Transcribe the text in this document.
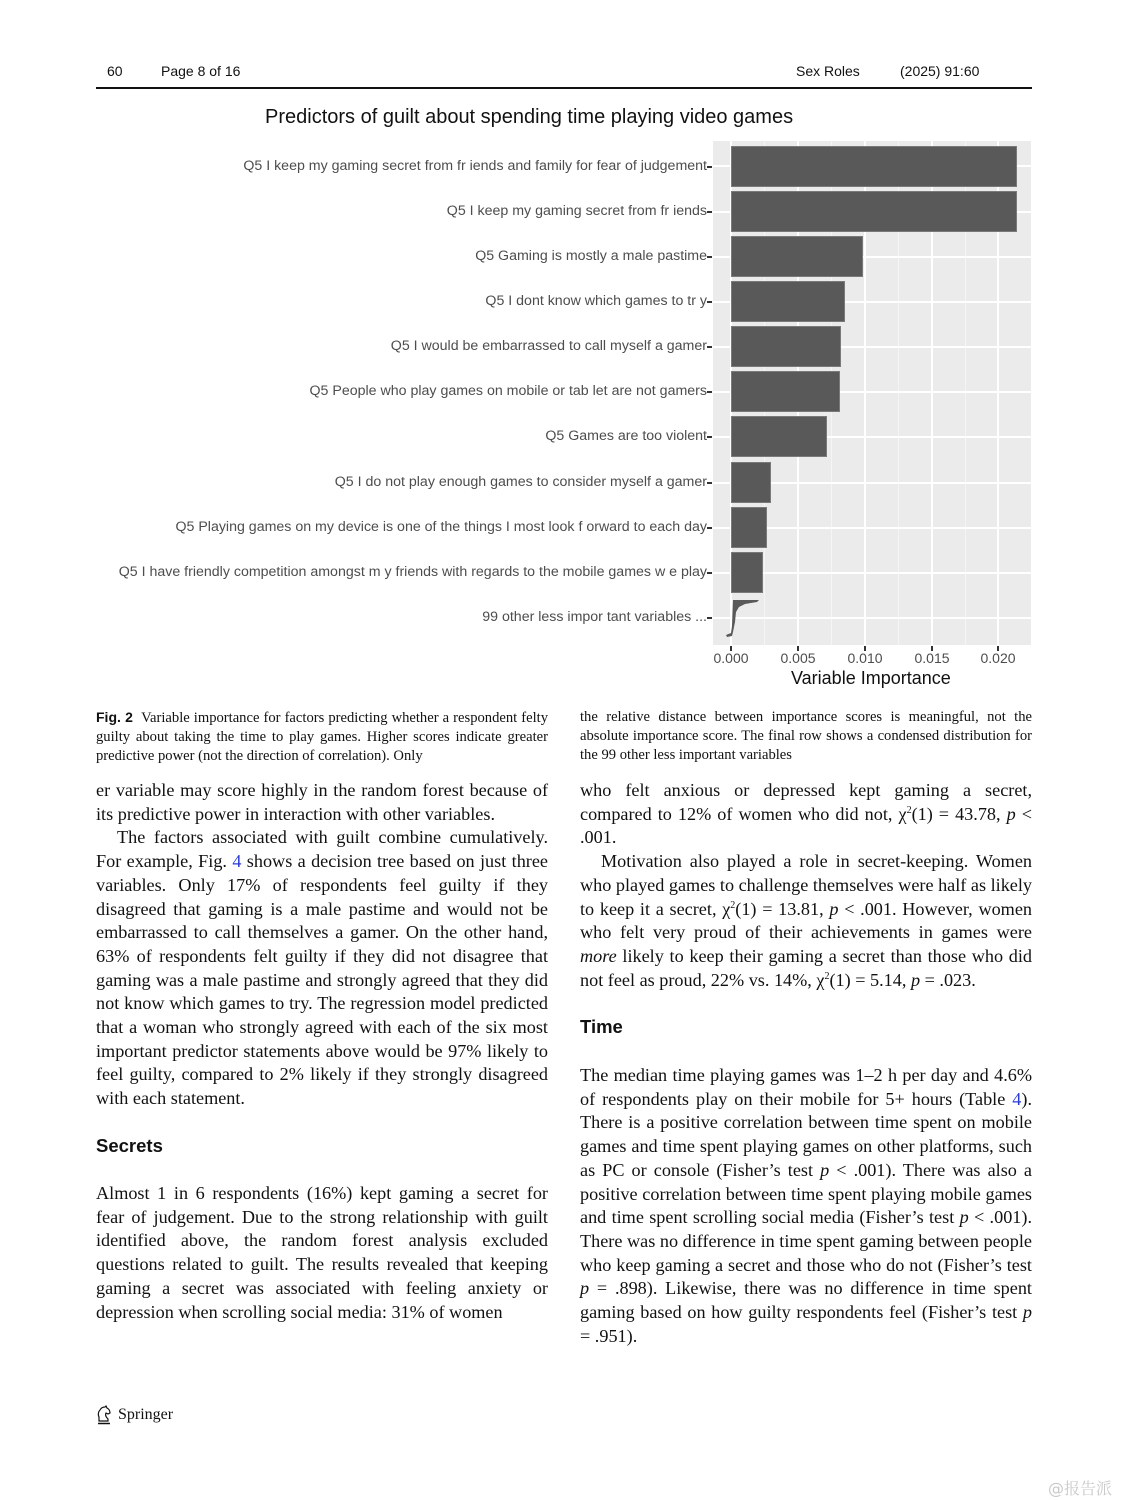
60	Page 8 of 16	Sex Roles	(2025) 91:60
Predictors of guilt about spending time playing video games
Q5 I keep my gaming secret from fr iends and family for fear of judgement
Q5 I keep my gaming secret from fr iends
Q5 Gaming is mostly a male pastime
Q5 I dont know which games to tr y
Q5 I would be embarrassed to call myself a gamer
Q5 People who play games on mobile or tab let are not gamers
Q5 Games are too violent
Q5 I do not play enough games to consider myself a gamer
Q5 Playing games on my device is one of the things I most look f orward to each day
Q5 I have friendly competition amongst m y friends with regards to the mobile games w e play
99 other less impor tant variables ...
0.000 0.005 0.010 0.015 0.020
Variable Importance
Fig. 2 Variable importance for factors predicting whether a respondent felty guilty about taking the time to play games. Higher scores indicate greater predictive power (not the direction of correlation). Only
the relative distance between importance scores is meaningful, not the absolute importance score. The final row shows a condensed distribution for the 99 other less important variables

er variable may score highly in the random forest because of its predictive power in interaction with other variables.

The factors associated with guilt combine cumulatively. For example, Fig. 4 shows a decision tree based on just three variables. Only 17% of respondents feel guilty if they disagreed that gaming is a male pastime and would not be embarrassed to call themselves a gamer. On the other hand, 63% of respondents felt guilty if they did not disagree that gaming was a male pastime and strongly agreed that they did not know which games to try. The regression model predicted that a woman who strongly agreed with each of the six most important predictor statements above would be 97% likely to feel guilty, compared to 2% likely if they strongly disagreed with each statement.

Secrets

Almost 1 in 6 respondents (16%) kept gaming a secret for fear of judgement. Due to the strong relationship with guilt identified above, the random forest analysis excluded questions related to guilt. The results revealed that keeping gaming a secret was associated with feeling anxiety or depression when scrolling social media: 31% of women

who felt anxious or depressed kept gaming a secret, compared to 12% of women who did not, $\chi^2(1) = 43.78$, p < .001.

Motivation also played a role in secret-keeping. Women who played games to challenge themselves were half as likely to keep it a secret, $\chi^2(1) = 13.81$, p < .001. However, women who felt very proud of their achievements in games were more likely to keep their gaming a secret than those who did not feel as proud, 22% vs. 14%, $\chi^2(1) = 5.14$, p = .023.

Time

The median time playing games was 1–2 h per day and 4.6% of respondents play on their mobile for 5+ hours (Table 4). There is a positive correlation between time spent on mobile games and time spent playing games on other platforms, such as PC or console (Fisher’s test p < .001). There was also a positive correlation between time spent playing mobile games and time spent scrolling social media (Fisher’s test p < .001). There was no difference in time spent gaming between people who keep gaming a secret and those who do not (Fisher’s test p = .898). Likewise, there was no difference in time spent gaming based on how guilty respondents feel (Fisher’s test p = .951).

Springer
@报告派
